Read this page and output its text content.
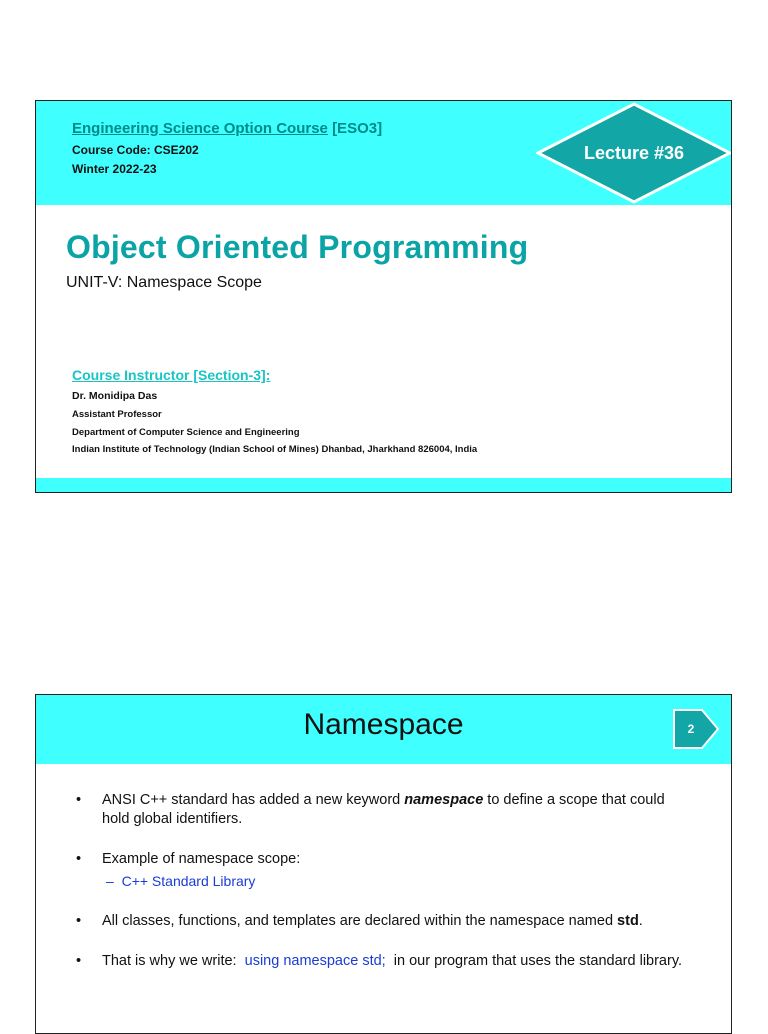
Engineering Science Option Course [ESO3]
Course Code: CSE202
Winter 2022-23
Lecture #36
Object Oriented Programming
UNIT-V: Namespace Scope
Course Instructor [Section-3]:
Dr. Monidipa Das
Assistant Professor
Department of Computer Science and Engineering
Indian Institute of Technology (Indian School of Mines) Dhanbad, Jharkhand 826004, India
Namespace	2
• ANSI C++ standard has added a new keyword namespace to define a scope that could hold global identifiers.
• Example of namespace scope:
– C++ Standard Library
• All classes, functions, and templates are declared within the namespace named std.
• That is why we write: using namespace std; in our program that uses the standard library.
